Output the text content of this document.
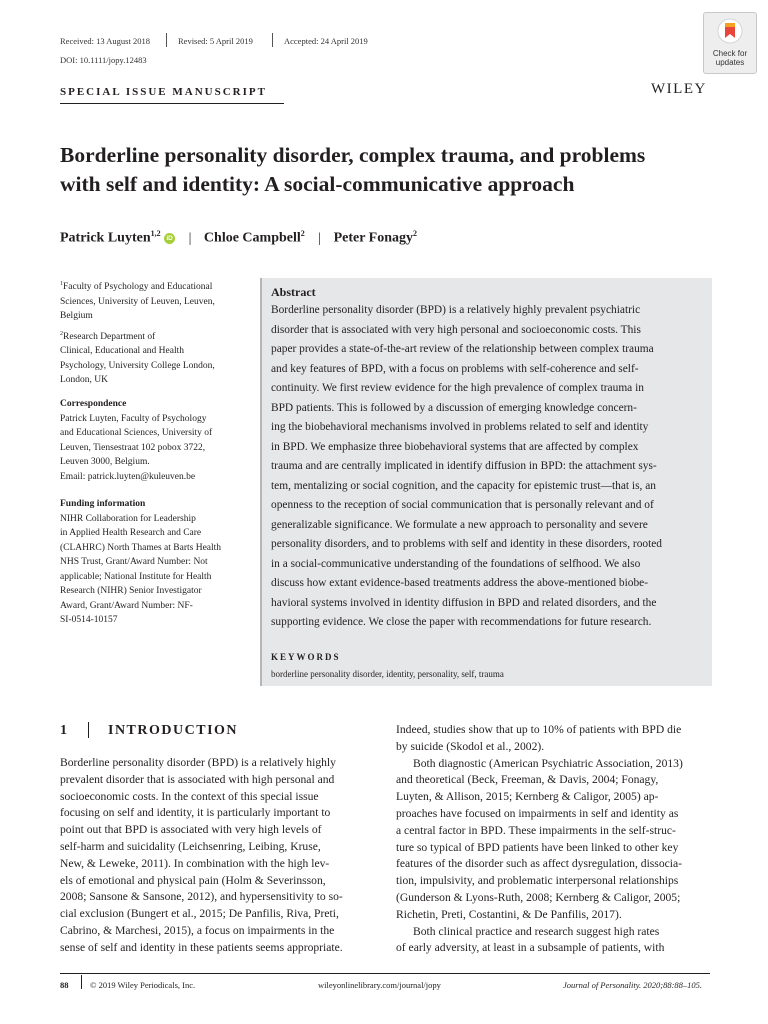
Received: 13 August 2018	Revised: 5 April 2019	Accepted: 24 April 2019
DOI: 10.1111/jopy.12483
Check for
updates
SPECIAL ISSUE MANUSCRIPT	WILEY
Borderline personality disorder, complex trauma, and problems
with self and identity: A social-communicative approach
Patrick Luyten$^{1,2}$ iD | Chloe Campbell$^2$ | Peter Fonagy$^2$
$^1$Faculty of Psychology and Educational
Sciences, University of Leuven, Leuven,
Belgium
$^2$Research Department of
Clinical, Educational and Health
Psychology, University College London,
London, UK
Correspondence
Patrick Luyten, Faculty of Psychology
and Educational Sciences, University of
Leuven, Tiensestraat 102 pobox 3722,
Leuven 3000, Belgium.
Email: patrick.luyten@kuleuven.be
Funding information
NIHR Collaboration for Leadership
in Applied Health Research and Care
(CLAHRC) North Thames at Barts Health
NHS Trust, Grant/Award Number: Not
applicable; National Institute for Health
Research (NIHR) Senior Investigator
Award, Grant/Award Number: NF-
SI-0514-10157
Abstract
Borderline personality disorder (BPD) is a relatively highly prevalent psychiatric
disorder that is associated with very high personal and socioeconomic costs. This
paper provides a state-of-the-art review of the relationship between complex trauma
and key features of BPD, with a focus on problems with self-coherence and self-
continuity. We first review evidence for the high prevalence of complex trauma in
BPD patients. This is followed by a discussion of emerging knowledge concern-
ing the biobehavioral mechanisms involved in problems related to self and identity
in BPD. We emphasize three biobehavioral systems that are affected by complex
trauma and are centrally implicated in identify diffusion in BPD: the attachment sys-
tem, mentalizing or social cognition, and the capacity for epistemic trust—that is, an
openness to the reception of social communication that is personally relevant and of
generalizable significance. We formulate a new approach to personality and severe
personality disorders, and to problems with self and identity in these disorders, rooted
in a social-communicative understanding of the foundations of selfhood. We also
discuss how extant evidence-based treatments address the above-mentioned biobe-
havioral systems involved in identity diffusion in BPD and related disorders, and the
supporting evidence. We close the paper with recommendations for future research.
KEYWORDS
borderline personality disorder, identity, personality, self, trauma
1	INTRODUCTION
Borderline personality disorder (BPD) is a relatively highly
prevalent disorder that is associated with high personal and
socioeconomic costs. In the context of this special issue
focusing on self and identity, it is particularly important to
point out that BPD is associated with very high levels of
self-harm and suicidality (Leichsenring, Leibing, Kruse,
New, & Leweke, 2011). In combination with the high lev-
els of emotional and physical pain (Holm & Severinsson,
2008; Sansone & Sansone, 2012), and hypersensitivity to so-
cial exclusion (Bungert et al., 2015; De Panfilis, Riva, Preti,
Cabrino, & Marchesi, 2015), a focus on impairments in the
sense of self and identity in these patients seems appropriate.
Indeed, studies show that up to 10% of patients with BPD die
by suicide (Skodol et al., 2002).
Both diagnostic (American Psychiatric Association, 2013)
and theoretical (Beck, Freeman, & Davis, 2004; Fonagy,
Luyten, & Allison, 2015; Kernberg & Caligor, 2005) ap-
proaches have focused on impairments in self and identity as
a central factor in BPD. These impairments in the self-struc-
ture so typical of BPD patients have been linked to other key
features of the disorder such as affect dysregulation, dissocia-
tion, impulsivity, and problematic interpersonal relationships
(Gunderson & Lyons-Ruth, 2008; Kernberg & Caligor, 2005;
Richetin, Preti, Costantini, & De Panfilis, 2017).
Both clinical practice and research suggest high rates
of early adversity, at least in a subsample of patients, with
88	© 2019 Wiley Periodicals, Inc.	wileyonlinelibrary.com/journal/jopy	Journal of Personality. 2020;88:88–105.
